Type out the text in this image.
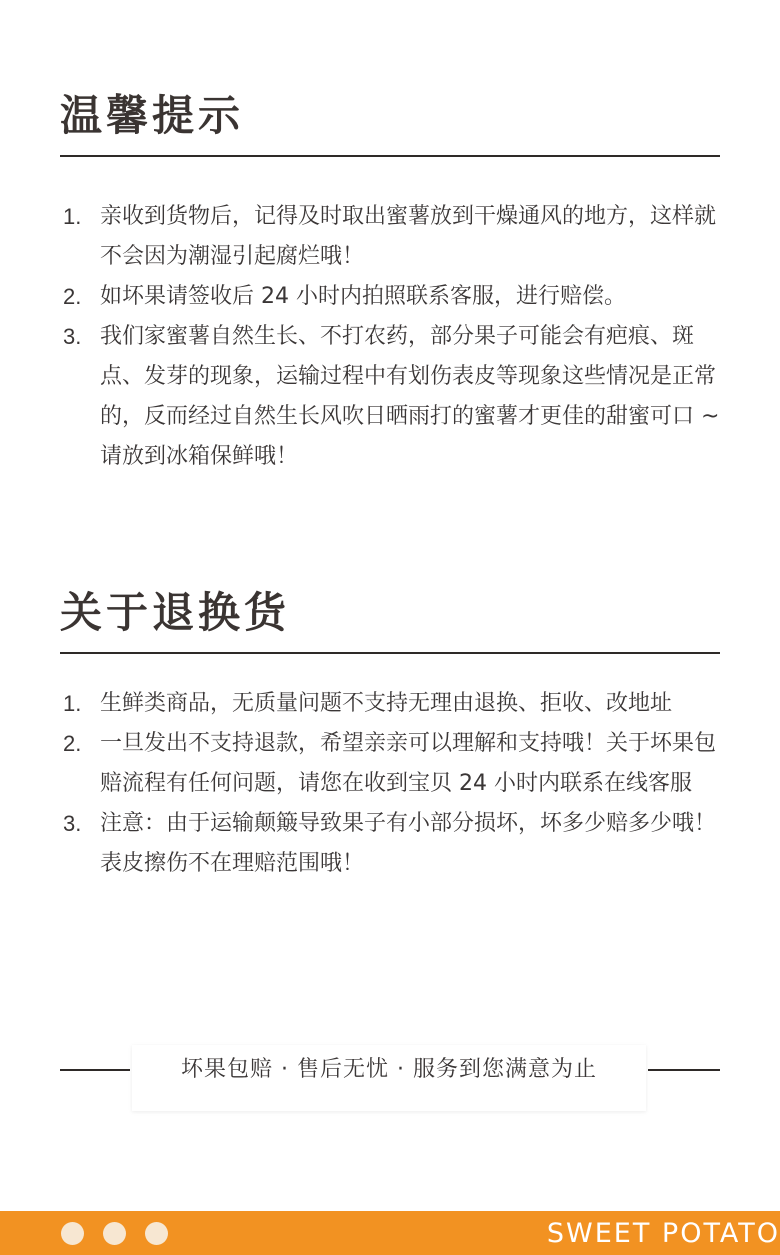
温馨提示
1. 亲收到货物后，记得及时取出蜜薯放到干燥通风的地方，这样就不会因为潮湿引起腐烂哦！
2. 如坏果请签收后 24 小时内拍照联系客服，进行赔偿。
3. 我们家蜜薯自然生长、不打农药，部分果子可能会有疤痕、斑点、发芽的现象，运输过程中有划伤表皮等现象这些情况是正常的，反而经过自然生长风吹日晒雨打的蜜薯才更佳的甜蜜可口 ~ 请放到冰箱保鲜哦！
关于退换货
1. 生鲜类商品，无质量问题不支持无理由退换、拒收、改地址
2. 一旦发出不支持退款，希望亲亲可以理解和支持哦！关于坏果包赔流程有任何问题，请您在收到宝贝 24 小时内联系在线客服
3. 注意：由于运输颠簸导致果子有小部分损坏，坏多少赔多少哦！表皮擦伤不在理赔范围哦！
坏果包赔 · 售后无忧 · 服务到您满意为止
SWEET POTATO
